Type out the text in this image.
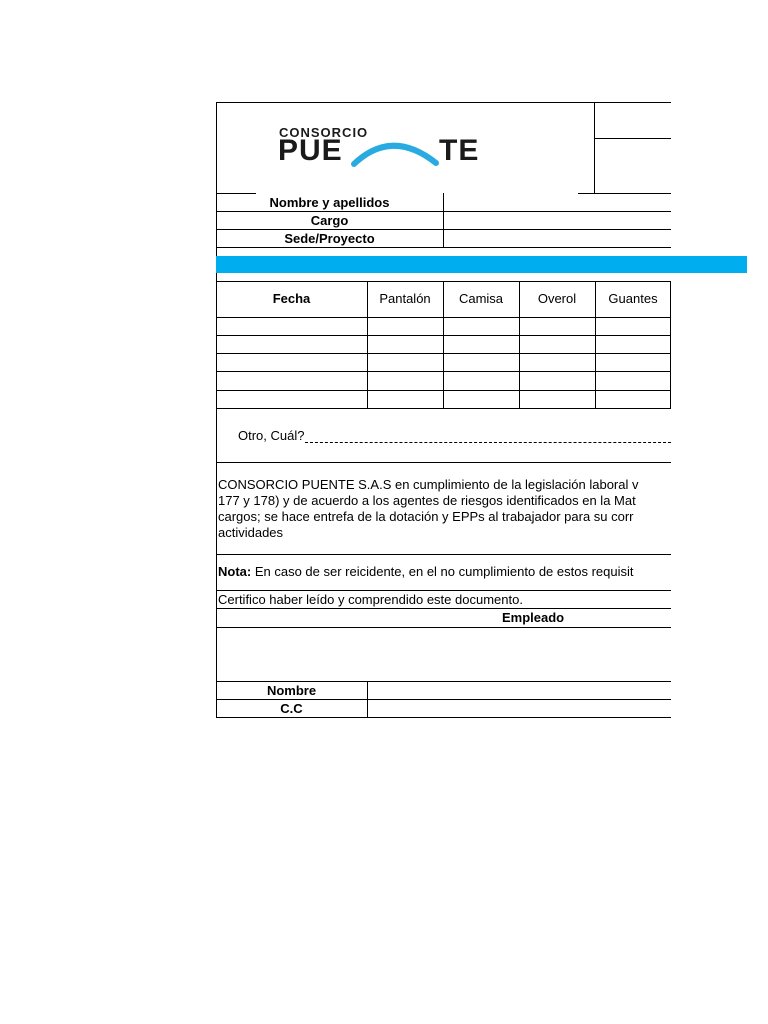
CONSORCIO
PUE	TE
Nombre y apellidos
Cargo
Sede/Proyecto
Fecha	Pantalón	Camisa	Overol	Guantes
Otro, Cuál?
CONSORCIO PUENTE S.A.S en cumplimiento de la legislación laboral v
177 y 178) y de acuerdo a los agentes de riesgos identificados en la Mat
cargos; se hace entrefa de la dotación y EPPs al trabajador para su corr
actividades
Nota: En caso de ser reicidente, en el no cumplimiento de estos requisit
Certifico haber leído y comprendido este documento.
Empleado
Nombre
C.C
